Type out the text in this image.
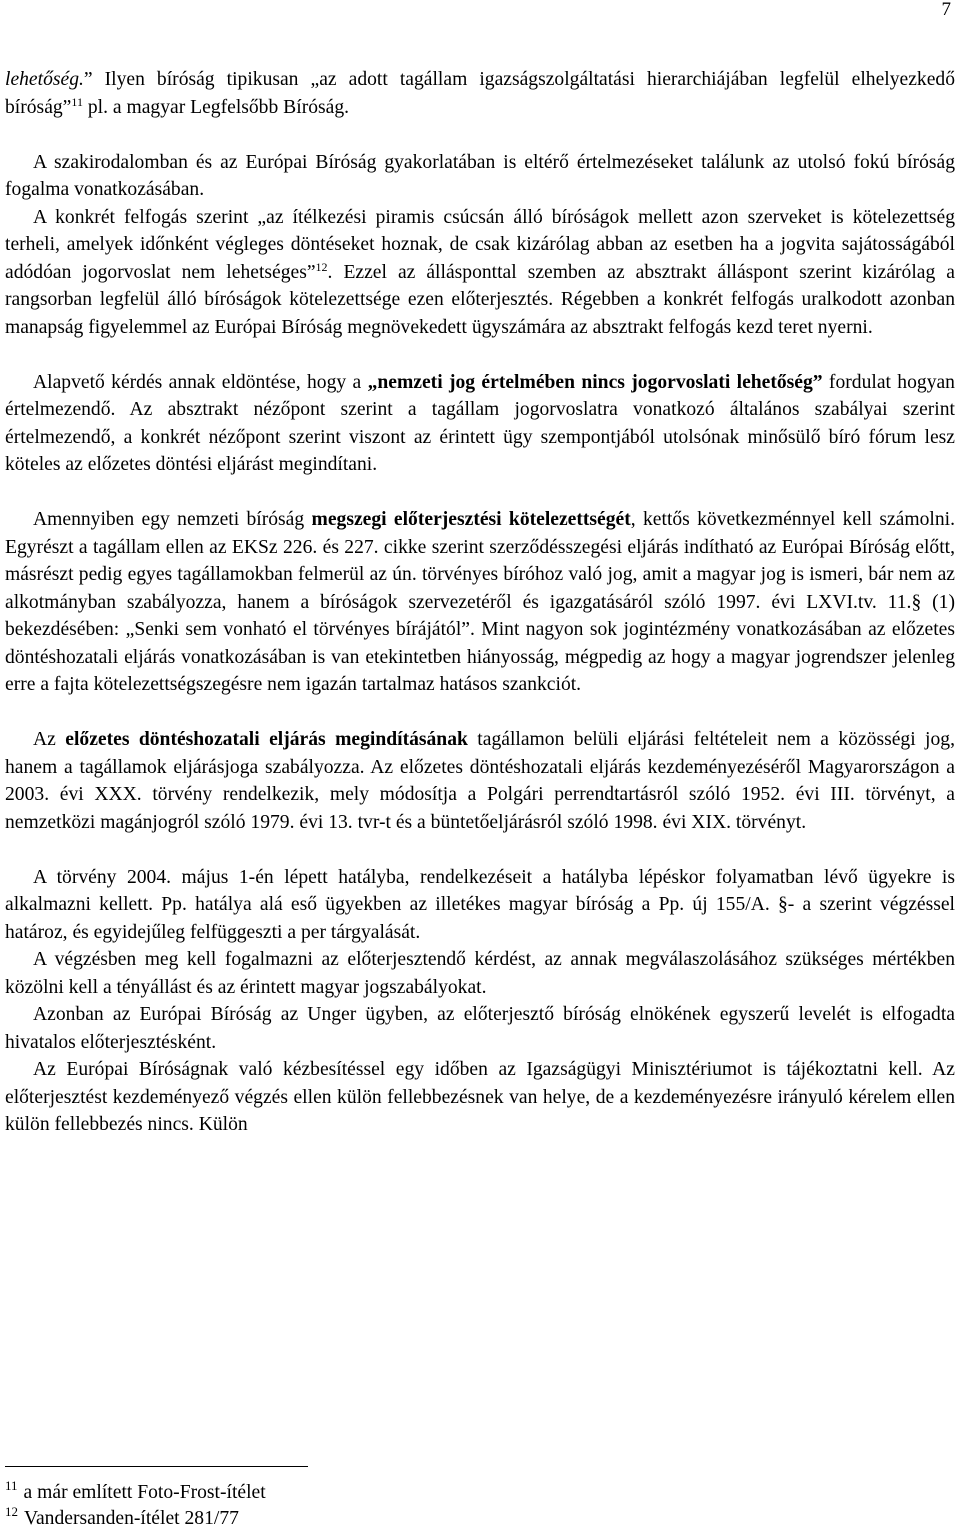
7

lehetőség.” Ilyen bíróság tipikusan „az adott tagállam igazságszolgáltatási hierarchiájában legfelül elhelyezkedő bíróság”$^{11}$ pl. a magyar Legfelsőbb Bíróság.

A szakirodalomban és az Európai Bíróság gyakorlatában is eltérő értelmezéseket találunk az utolsó fokú bíróság fogalma vonatkozásában.

A konkrét felfogás szerint „az ítélkezési piramis csúcsán álló bíróságok mellett azon szerveket is kötelezettség terheli, amelyek időnként végleges döntéseket hoznak, de csak kizárólag abban az esetben ha a jogvita sajátosságából adódóan jogorvoslat nem lehetséges”$^{12}$. Ezzel az állásponttal szemben az absztrakt álláspont szerint kizárólag a rangsorban legfelül álló bíróságok kötelezettsége ezen előterjesztés. Régebben a konkrét felfogás uralkodott azonban manapság figyelemmel az Európai Bíróság megnövekedett ügyszámára az absztrakt felfogás kezd teret nyerni.

Alapvető kérdés annak eldöntése, hogy a „nemzeti jog értelmében nincs jogorvoslati lehetőség” fordulat hogyan értelmezendő. Az absztrakt nézőpont szerint a tagállam jogorvoslatra vonatkozó általános szabályai szerint értelmezendő, a konkrét nézőpont szerint viszont az érintett ügy szempontjából utolsónak minősülő bíró fórum lesz köteles az előzetes döntési eljárást megindítani.

Amennyiben egy nemzeti bíróság megszegi előterjesztési kötelezettségét, kettős következménnyel kell számolni. Egyrészt a tagállam ellen az EKSz 226. és 227. cikke szerint szerződésszegési eljárás indítható az Európai Bíróság előtt, másrészt pedig egyes tagállamokban felmerül az ún. törvényes bíróhoz való jog, amit a magyar jog is ismeri, bár nem az alkotmányban szabályozza, hanem a bíróságok szervezetéről és igazgatásáról szóló 1997. évi LXVI.tv. 11.§ (1) bekezdésében: „Senki sem vonható el törvényes bírájától”. Mint nagyon sok jogintézmény vonatkozásában az előzetes döntéshozatali eljárás vonatkozásában is van etekintetben hiányosság, mégpedig az hogy a magyar jogrendszer jelenleg erre a fajta kötelezettségszegésre nem igazán tartalmaz hatásos szankciót.

Az előzetes döntéshozatali eljárás megindításának tagállamon belüli eljárási feltételeit nem a közösségi jog, hanem a tagállamok eljárásjoga szabályozza. Az előzetes döntéshozatali eljárás kezdeményezéséről Magyarországon a 2003. évi XXX. törvény rendelkezik, mely módosítja a Polgári perrendtartásról szóló 1952. évi III. törvényt, a nemzetközi magánjogról szóló 1979. évi 13. tvr-t és a büntetőeljárásról szóló 1998. évi XIX. törvényt.

A törvény 2004. május 1-én lépett hatályba, rendelkezéseit a hatályba lépéskor folyamatban lévő ügyekre is alkalmazni kellett. Pp. hatálya alá eső ügyekben az illetékes magyar bíróság a Pp. új 155/A. §- a szerint végzéssel határoz, és egyidejűleg felfüggeszti a per tárgyalását.

A végzésben meg kell fogalmazni az előterjesztendő kérdést, az annak megválaszolásához szükséges mértékben közölni kell a tényállást és az érintett magyar jogszabályokat.

Azonban az Európai Bíróság az Unger ügyben, az előterjesztő bíróság elnökének egyszerű levelét is elfogadta hivatalos előterjesztésként.

Az Európai Bíróságnak való kézbesítéssel egy időben az Igazságügyi Minisztériumot is tájékoztatni kell. Az előterjesztést kezdeményező végzés ellen külön fellebbezésnek van helye, de a kezdeményezésre irányuló kérelem ellen külön fellebbezés nincs. Külön

$^{11}$ a már említett Foto-Frost-ítélet

$^{12}$ Vandersanden-ítélet 281/77
